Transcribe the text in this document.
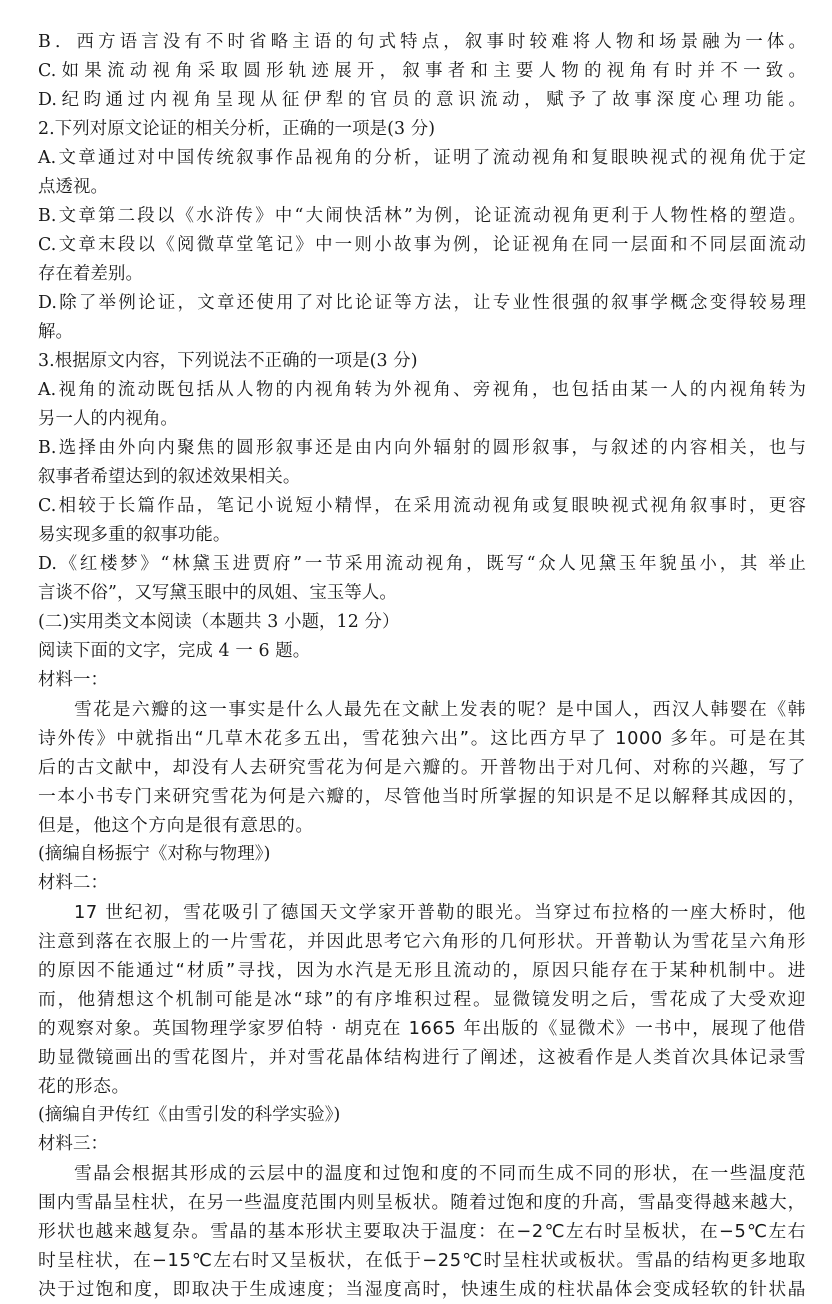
B．西方语言没有不时省略主语的句式特点，叙事时较难将人物和场景融为一体。
C.如果流动视角采取圆形轨迹展开，叙事者和主要人物的视角有时并不一致。
D.纪昀通过内视角呈现从征伊犁的官员的意识流动，赋予了故事深度心理功能。
2.下列对原文论证的相关分析，正确的一项是(3 分)
A.文章通过对中国传统叙事作品视角的分析，证明了流动视角和复眼映视式的视角优于定
点透视。
B.文章第二段以《水浒传》中“大闹快活林”为例，论证流动视角更利于人物性格的塑造。
C.文章末段以《阅微草堂笔记》中一则小故事为例，论证视角在同一层面和不同层面流动
存在着差别。
D.除了举例论证，文章还使用了对比论证等方法，让专业性很强的叙事学概念变得较易理
解。
3.根据原文内容，下列说法不正确的一项是(3 分)
A.视角的流动既包括从人物的内视角转为外视角、旁视角，也包括由某一人的内视角转为
另一人的内视角。
B.选择由外向内聚焦的圆形叙事还是由内向外辐射的圆形叙事，与叙述的内容相关，也与
叙事者希望达到的叙述效果相关。
C.相较于长篇作品，笔记小说短小精悍，在采用流动视角或复眼映视式视角叙事时，更容
易实现多重的叙事功能。
D.《红楼梦》“林黛玉进贾府”一节采用流动视角，既写“众人见黛玉年貌虽小，其 举止
言谈不俗”，又写黛玉眼中的凤姐、宝玉等人。
(二)实用类文本阅读（本题共 3 小题，12 分）
阅读下面的文字，完成 4 一 6 题。
材料一：
雪花是六瓣的这一事实是什么人最先在文献上发表的呢？是中国人，西汉人韩婴在《韩
诗外传》中就指出“几草木花多五出，雪花独六出”。这比西方早了 1000 多年。可是在其
后的古文献中，却没有人去研究雪花为何是六瓣的。开普物出于对几何、对称的兴趣，写了
一本小书专门来研究雪花为何是六瓣的，尽管他当时所掌握的知识是不足以解释其成因的，
但是，他这个方向是很有意思的。
(摘编自杨振宁《对称与物理》)
材料二：
17 世纪初，雪花吸引了德国天文学家开普勒的眼光。当穿过布拉格的一座大桥时，他
注意到落在衣服上的一片雪花，并因此思考它六角形的几何形状。开普勒认为雪花呈六角形
的原因不能通过“材质”寻找，因为水汽是无形且流动的，原因只能存在于某种机制中。进
而，他猜想这个机制可能是冰“球”的有序堆积过程。显微镜发明之后，雪花成了大受欢迎
的观察对象。英国物理学家罗伯特 · 胡克在 1665 年出版的《显微术》一书中，展现了他借
助显微镜画出的雪花图片，并对雪花晶体结构进行了阐述，这被看作是人类首次具体记录雪
花的形态。
(摘编自尹传红《由雪引发的科学实验》)
材料三：
雪晶会根据其形成的云层中的温度和过饱和度的不同而生成不同的形状，在一些温度范
围内雪晶呈柱状，在另一些温度范围内则呈板状。随着过饱和度的升高，雪晶变得越来越大，
形状也越来越复杂。雪晶的基本形状主要取决于温度：在−2℃左右时呈板状，在−5℃左右
时呈柱状，在−15℃左右时又呈板状，在低于−25℃时呈柱状或板状。雪晶的结构更多地取
决于过饱和度，即取决于生成速度；当湿度高时，快速生成的柱状晶体会变成轻软的针状晶
